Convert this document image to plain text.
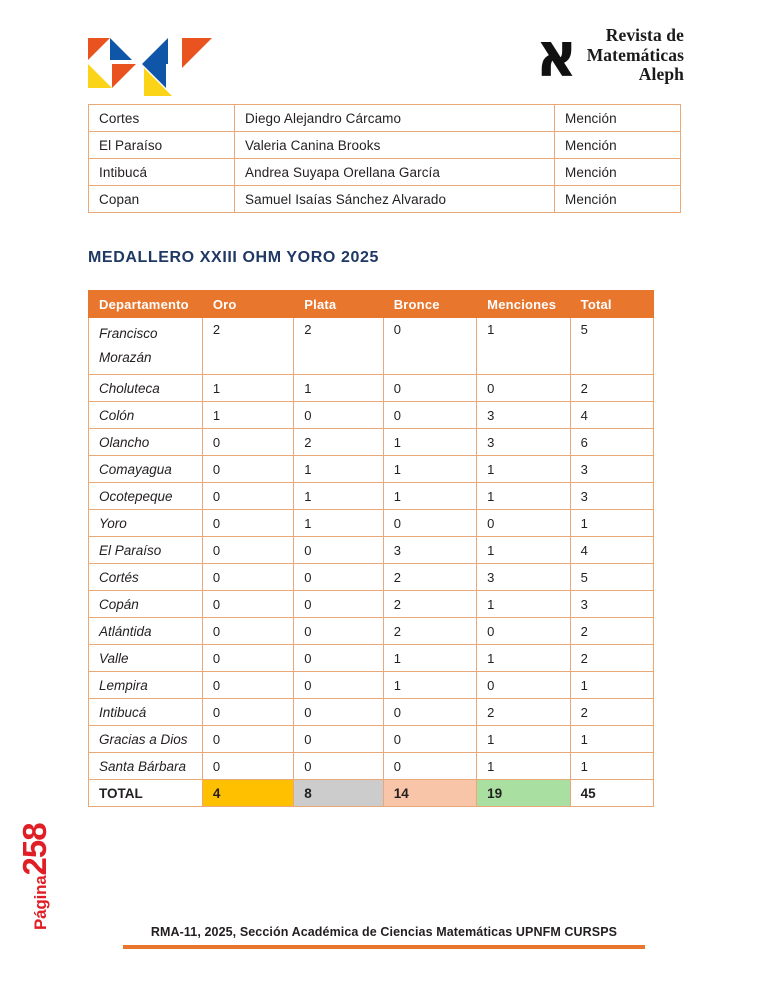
א	Revista de
Matemáticas
Aleph
Cortes	Diego Alejandro Cárcamo	Mención
El Paraíso	Valeria Canina Brooks	Mención
Intibucá	Andrea Suyapa Orellana García	Mención
Copan	Samuel Isaías Sánchez Alvarado	Mención
MEDALLERO XXIII OHM YORO 2025
Departamento	Oro	Plata	Bronce	Menciones	Total
Francisco Morazán	2	2	0	1	5
Choluteca	1	1	0	0	2
Colón	1	0	0	3	4
Olancho	0	2	1	3	6
Comayagua	0	1	1	1	3
Ocotepeque	0	1	1	1	3
Yoro	0	1	0	0	1
El Paraíso	0	0	3	1	4
Cortés	0	0	2	3	5
Copán	0	0	2	1	3
Atlántida	0	0	2	0	2
Valle	0	0	1	1	2
Lempira	0	0	1	0	1
Intibucá	0	0	0	2	2
Gracias a Dios	0	0	0	1	1
Santa Bárbara	0	0	0	1	1
TOTAL	4	8	14	19	45
Página
258
RMA-11, 2025, Sección Académica de Ciencias Matemáticas UPNFM CURSPS
